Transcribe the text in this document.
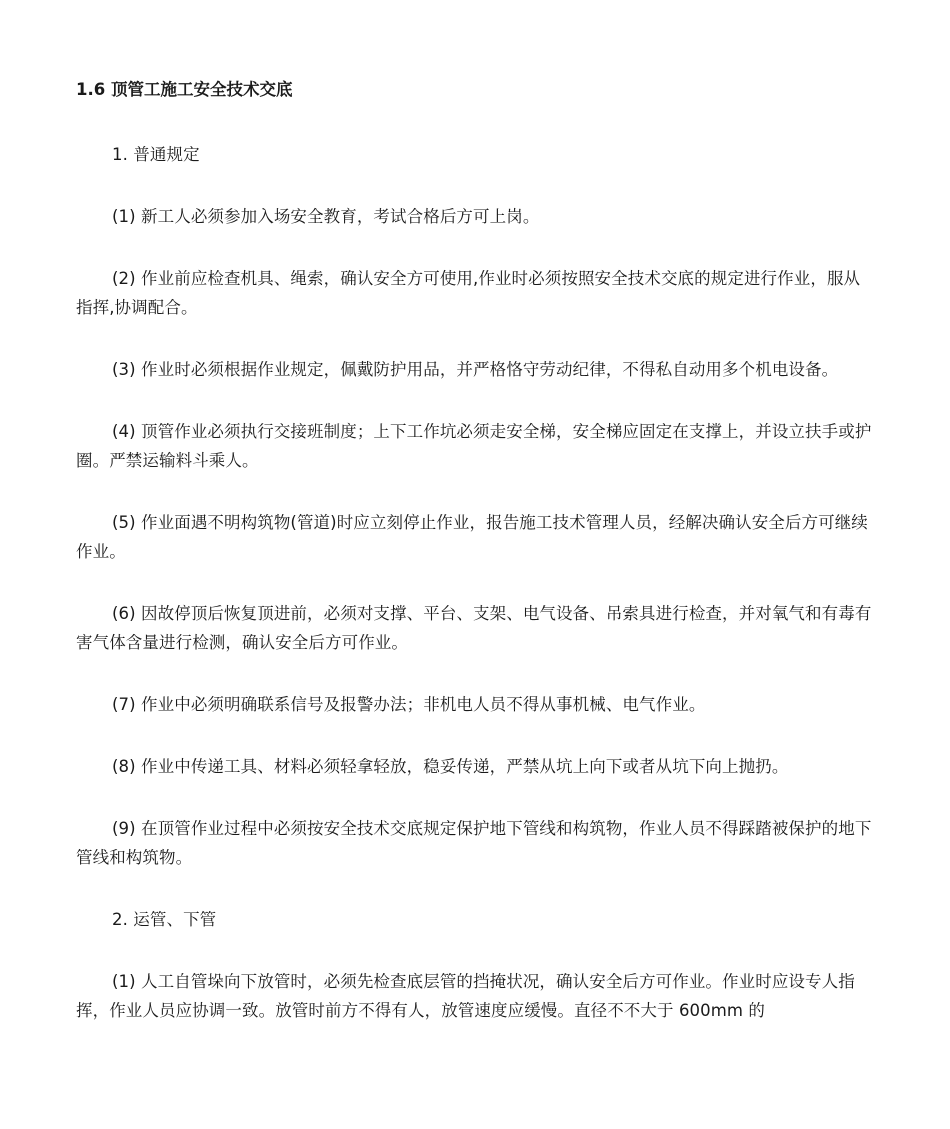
1.6 顶管工施工安全技术交底

1. 普通规定

(1) 新工人必须参加入场安全教育，考试合格后方可上岗。

(2) 作业前应检查机具、绳索，确认安全方可使用,作业时必须按照安全技术交底的规定进行作业，服从指挥,协调配合。

(3) 作业时必须根据作业规定，佩戴防护用品，并严格恪守劳动纪律，不得私自动用多个机电设备。

(4) 顶管作业必须执行交接班制度；上下工作坑必须走安全梯，安全梯应固定在支撑上，并设立扶手或护圈。严禁运输料斗乘人。

(5) 作业面遇不明构筑物(管道)时应立刻停止作业，报告施工技术管理人员，经解决确认安全后方可继续作业。

(6) 因故停顶后恢复顶进前，必须对支撑、平台、支架、电气设备、吊索具进行检查，并对氧气和有毒有害气体含量进行检测，确认安全后方可作业。

(7) 作业中必须明确联系信号及报警办法；非机电人员不得从事机械、电气作业。

(8) 作业中传递工具、材料必须轻拿轻放，稳妥传递，严禁从坑上向下或者从坑下向上抛扔。

(9) 在顶管作业过程中必须按安全技术交底规定保护地下管线和构筑物，作业人员不得踩踏被保护的地下管线和构筑物。

2. 运管、下管

(1) 人工自管垛向下放管时，必须先检查底层管的挡掩状况，确认安全后方可作业。作业时应设专人指挥，作业人员应协调一致。放管时前方不得有人，放管速度应缓慢。直径不不大于 600mm 的
